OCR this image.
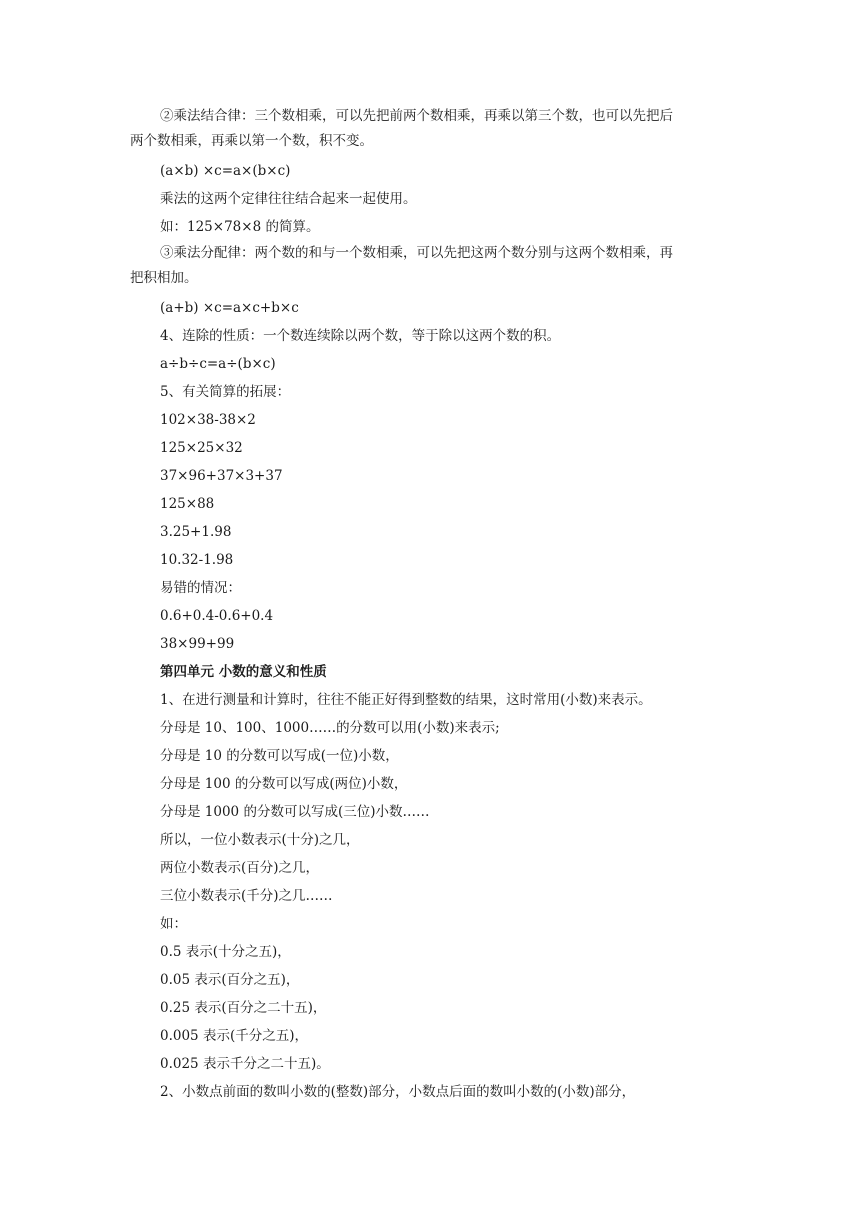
②乘法结合律：三个数相乘，可以先把前两个数相乘，再乘以第三个数，也可以先把后
两个数相乘，再乘以第一个数，积不变。
(a×b) ×c=a×(b×c)
乘法的这两个定律往往结合起来一起使用。
如：125×78×8 的简算。
③乘法分配律：两个数的和与一个数相乘，可以先把这两个数分别与这两个数相乘，再
把积相加。
(a+b) ×c=a×c+b×c
4、连除的性质：一个数连续除以两个数，等于除以这两个数的积。
a÷b÷c=a÷(b×c)
5、有关简算的拓展：
102×38-38×2
125×25×32
37×96+37×3+37
125×88
3.25+1.98
10.32-1.98
易错的情况：
0.6+0.4-0.6+0.4
38×99+99
第四单元 小数的意义和性质
1、在进行测量和计算时，往往不能正好得到整数的结果，这时常用(小数)来表示。
分母是 10、100、1000……的分数可以用(小数)来表示;
分母是 10 的分数可以写成(一位)小数，
分母是 100 的分数可以写成(两位)小数，
分母是 1000 的分数可以写成(三位)小数……
所以，一位小数表示(十分)之几，
两位小数表示(百分)之几，
三位小数表示(千分)之几……
如：
0.5 表示(十分之五)，
0.05 表示(百分之五)，
0.25 表示(百分之二十五)，
0.005 表示(千分之五)，
0.025 表示千分之二十五)。
2、小数点前面的数叫小数的(整数)部分，小数点后面的数叫小数的(小数)部分，
